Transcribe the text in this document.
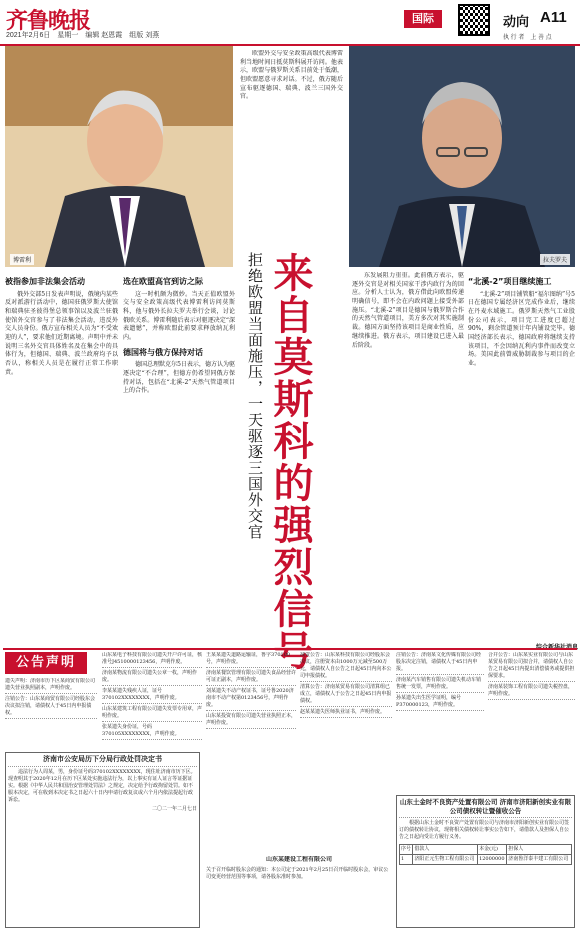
齐鲁晚报
2021年2月6日　星期一　编辑 赵恩霞　组版 刘燕
国际	动向 A11
执 行 者　上 善 点
博雷利	拉夫罗夫

欧盟外交与安全政策高级代表博雷利当地时间日抵莫斯科展开访问。他表示，欧盟与俄罗斯关系目前处于低潮，但欧盟愿意寻求对话。不过，俄方随后宣布驱逐德国、瑞典、波兰三国外交官。

拒绝欧盟当面施压，一天驱逐三国外交官 来自莫斯科的强烈信号
被指参加非法集会活动

俄外交部5日发表声明说，俄境内某些反对派游行活动中，德国驻俄罗斯大使馆和瑞典驻圣彼得堡总领事馆以及波兰驻俄使馆外交官参与了非法集会活动，违反外交人员身份。俄方宣布相关人员为“不受欢迎的人”，要求他们近期离境。声明中并未说明三名外交官具体姓名及在集会中的具体行为，但德国、瑞典、波兰政府均予以否认，称相关人员是在履行正常工作职责。

选在欧盟高官到访之际

这一时机颇为微妙。当天正值欧盟外交与安全政策高级代表博雷利访问莫斯科，他与俄外长拉夫罗夫举行会谈，讨论俄欧关系。博雷利随后表示对驱逐决定“深表遗憾”，并称欧盟此前要求释放纳瓦利内。

德国将与俄方保持对话

德国总理默克尔5日表示，德方认为驱逐决定“不合理”，但德方仍希望同俄方保持对话，包括在“北溪-2”天然气管道项目上的合作。

东发展阻力重重。此前俄方表示，驱逐外交官是对相关国家干涉内政行为的回应。分析人士认为，俄方借此向欧盟传递明确信号，即不会在内政问题上接受外部施压。“北溪-2”项目是德国与俄罗斯合作的天然气管道项目，美方多次对其实施制裁。德国方面坚持该项目是商业性质，应继续推进。俄方表示，项目建设已进入最后阶段。

“北溪-2”项目继续施工

“北溪-2”项目铺管船“福尔图纳”号5日在德国专属经济区完成作业后，继续在丹麦水域施工。俄罗斯天然气工业股份公司表示，项目完工进度已超过90%，剩余管道预计年内铺设完毕。德国经济部长表示，德国政府将继续支持该项目，不会因纳瓦利内事件而改变立场。美国此前曾威胁制裁参与项目的企业。

综合新华社消息
公告声明
遗失声明：济南市历下区某商贸有限公司遗失营业执照副本，声明作废。
注销公告：山东某商贸有限公司经股东会决议拟注销，请债权人于45日内申报债权。
山东某电子科技有限公司遗失开户许可证，核准号J4510000123456，声明作废。
济南某物流有限公司遗失公章一枚，声明作废。
李某某遗失残疾人证，证号370102XXXXXXXX，声明作废。
山东某建筑工程有限公司遗失发票专用章，声明作废。
张某遗失身份证，号码370105XXXXXXXX，声明作废。
王某某遗失道路运输证，鲁字370100号，声明作废。
济南某餐饮管理有限公司遗失食品经营许可证正副本，声明作废。
刘某遗失不动产权证书，证号鲁2020济南市不动产权第0123456号，声明作废。
山东某投资有限公司遗失营业执照正本，声明作废。
减资公告：山东某科技有限公司经股东会决议，注册资本由1000万元减至500万元，请债权人自公告之日起45日内向本公司申报债权。
清算公告：济南某贸易有限公司清算组已成立，请债权人于公告之日起45日内申报债权。
赵某某遗失医师执业证书，声明作废。
注销公告：济南某文化传媒有限公司经股东决定注销，请债权人于45日内申报。
济南某汽车销售有限公司遗失机动车销售统一发票，声明作废。
孙某遗失出生医学证明，编号P370000123，声明作废。
合并公告：山东某实业有限公司与山东某贸易有限公司拟合并，请债权人自公告之日起45日内提出清偿债务或提供担保要求。
济南某装饰工程有限公司遗失税控盘，声明作废。
济南市公安局历下分局行政处罚决定书

违法行为人周某，男，身份证号码370102XXXXXXXX，现住址济南市历下区。现查明其于2020年12月在历下区某处实施违法行为，以上事实有证人证言等证据证实。根据《中华人民共和国治安管理处罚法》之规定，决定给予行政拘留处罚。如不服本决定，可在收到本决定书之日起六十日内申请行政复议或六个月内依法提起行政诉讼。

二〇二一年二月七日

山东某建设工程有限公司
关于召开临时股东会的通知：本公司定于2021年2月25日召开临时股东会，审议公司变更经营范围等事项，请各股东准时参加。
山东土金时不良资产处置有限公司 济南市济阳新创实业有限公司债权转让暨催收公告

根据山东土金时不良资产处置有限公司与济南市济阳新创实业有限公司签订的债权转让协议，现将相关债权转让事实公告如下，请借款人及担保人自公告之日起向受让方履行义务。

序号	借款人	本金(元)	担保人
1	济阳正元生物工程有限公司	12000000	济南鲁洋泰丰建工有限公司
